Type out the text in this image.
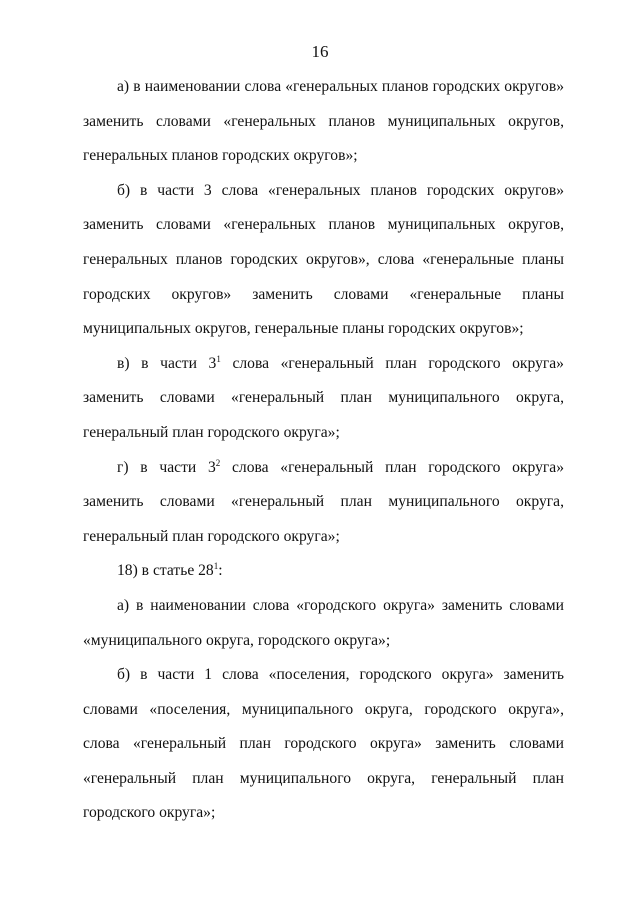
16

а) в наименовании слова «генеральных планов городских округов» заменить словами «генеральных планов муниципальных округов, генеральных планов городских округов»;

б) в части 3 слова «генеральных планов городских округов» заменить словами «генеральных планов муниципальных округов, генеральных планов городских округов», слова «генеральные планы городских округов» заменить словами «генеральные планы муниципальных округов, генеральные планы городских округов»;

в) в части $3^1$ слова «генеральный план городского округа» заменить словами «генеральный план муниципального округа, генеральный план городского округа»;

г) в части $3^2$ слова «генеральный план городского округа» заменить словами «генеральный план муниципального округа, генеральный план городского округа»;

18) в статье $28^1$:

а) в наименовании слова «городского округа» заменить словами «муниципального округа, городского округа»;

б) в части 1 слова «поселения, городского округа» заменить словами «поселения, муниципального округа, городского округа», слова «генеральный план городского округа» заменить словами «генеральный план муниципального округа, генеральный план городского округа»;
